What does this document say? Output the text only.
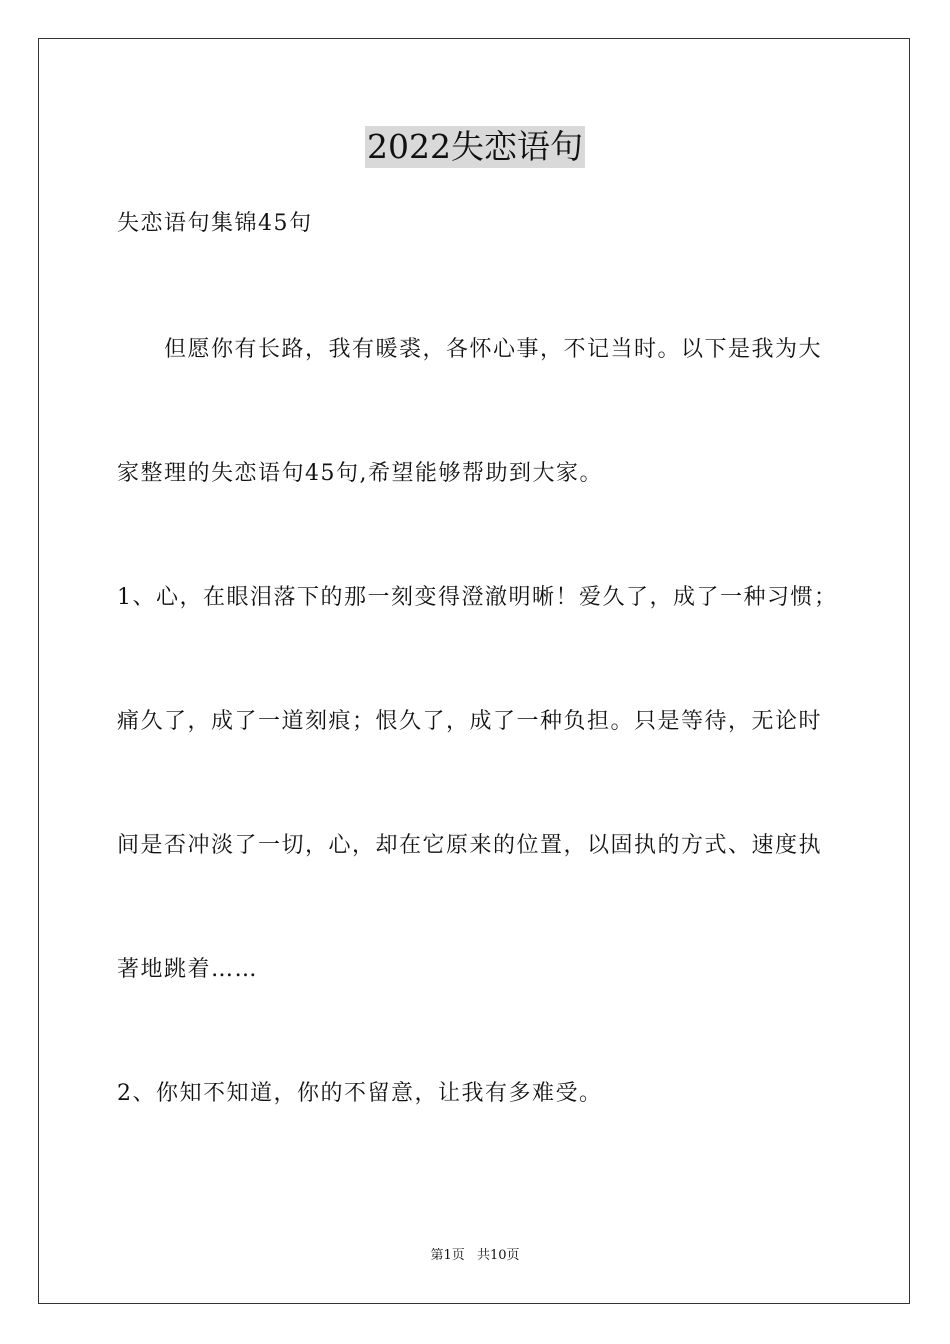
2022失恋语句
失恋语句集锦45句
　　但愿你有长路，我有暖裘，各怀心事，不记当时。以下是我为大
家整理的失恋语句45句,希望能够帮助到大家。
1、心，在眼泪落下的那一刻变得澄澈明晰！爱久了，成了一种习惯；
痛久了，成了一道刻痕；恨久了，成了一种负担。只是等待，无论时
间是否冲淡了一切，心，却在它原来的位置，以固执的方式、速度执
著地跳着……
2、你知不知道，你的不留意，让我有多难受。
第1页 共10页
